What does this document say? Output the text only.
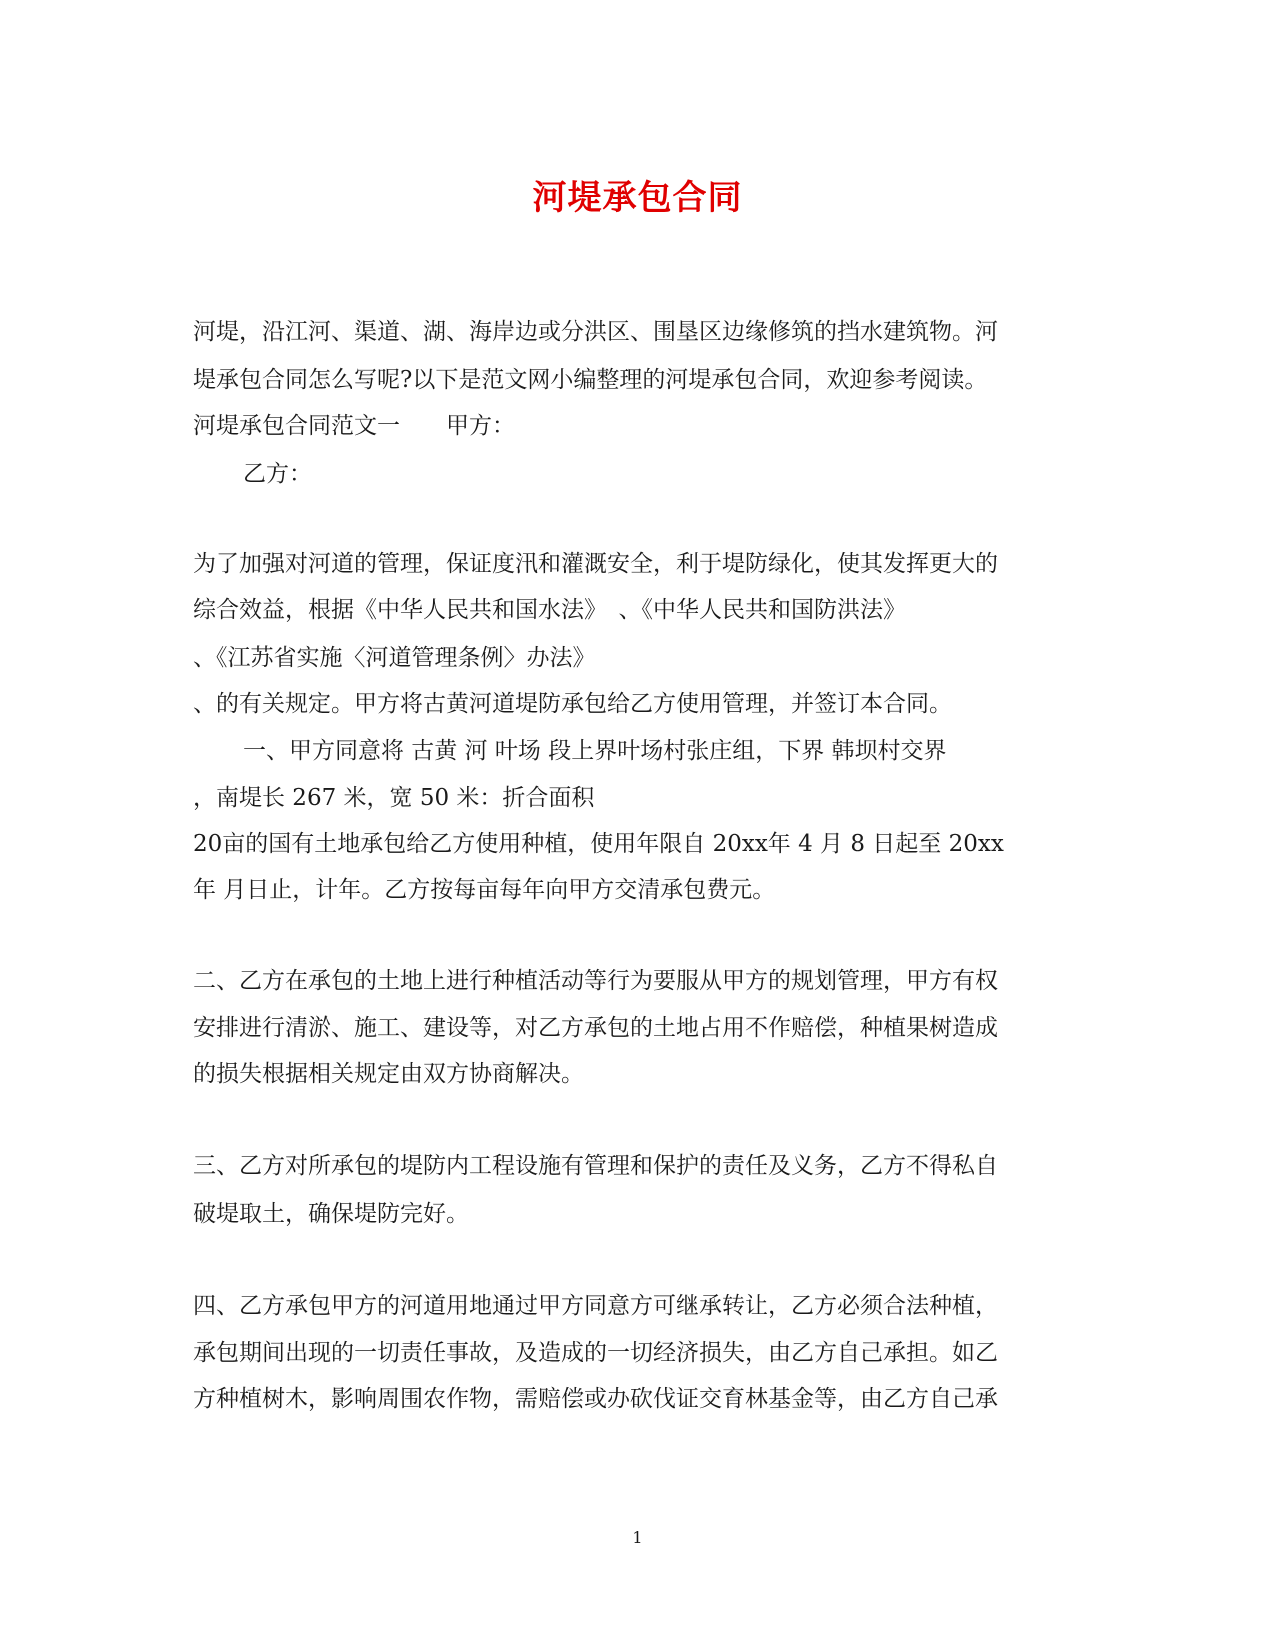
河堤承包合同
河堤，沿江河、渠道、湖、海岸边或分洪区、围垦区边缘修筑的挡水建筑物。河
堤承包合同怎么写呢?以下是范文网小编整理的河堤承包合同，欢迎参考阅读。
河堤承包合同范文一　　甲方：
乙方：
为了加强对河道的管理，保证度汛和灌溉安全，利于堤防绿化，使其发挥更大的
综合效益，根据《中华人民共和国水法》　、《中华人民共和国防洪法》
、《江苏省实施〈河道管理条例〉办法》
、的有关规定。甲方将古黄河道堤防承包给乙方使用管理，并签订本合同。
一、甲方同意将 古黄 河 叶场 段上界叶场村张庄组，下界 韩坝村交界
，南堤长 267 米，宽 50 米：折合面积
20亩的国有土地承包给乙方使用种植，使用年限自 20xx年 4 月 8 日起至 20xx
年 月日止，计年。乙方按每亩每年向甲方交清承包费元。
二、乙方在承包的土地上进行种植活动等行为要服从甲方的规划管理，甲方有权
安排进行清淤、施工、建设等，对乙方承包的土地占用不作赔偿，种植果树造成
的损失根据相关规定由双方协商解决。
三、乙方对所承包的堤防内工程设施有管理和保护的责任及义务，乙方不得私自
破堤取土，确保堤防完好。
四、乙方承包甲方的河道用地通过甲方同意方可继承转让，乙方必须合法种植，
承包期间出现的一切责任事故，及造成的一切经济损失，由乙方自己承担。如乙
方种植树木，影响周围农作物，需赔偿或办砍伐证交育林基金等，由乙方自己承
1
